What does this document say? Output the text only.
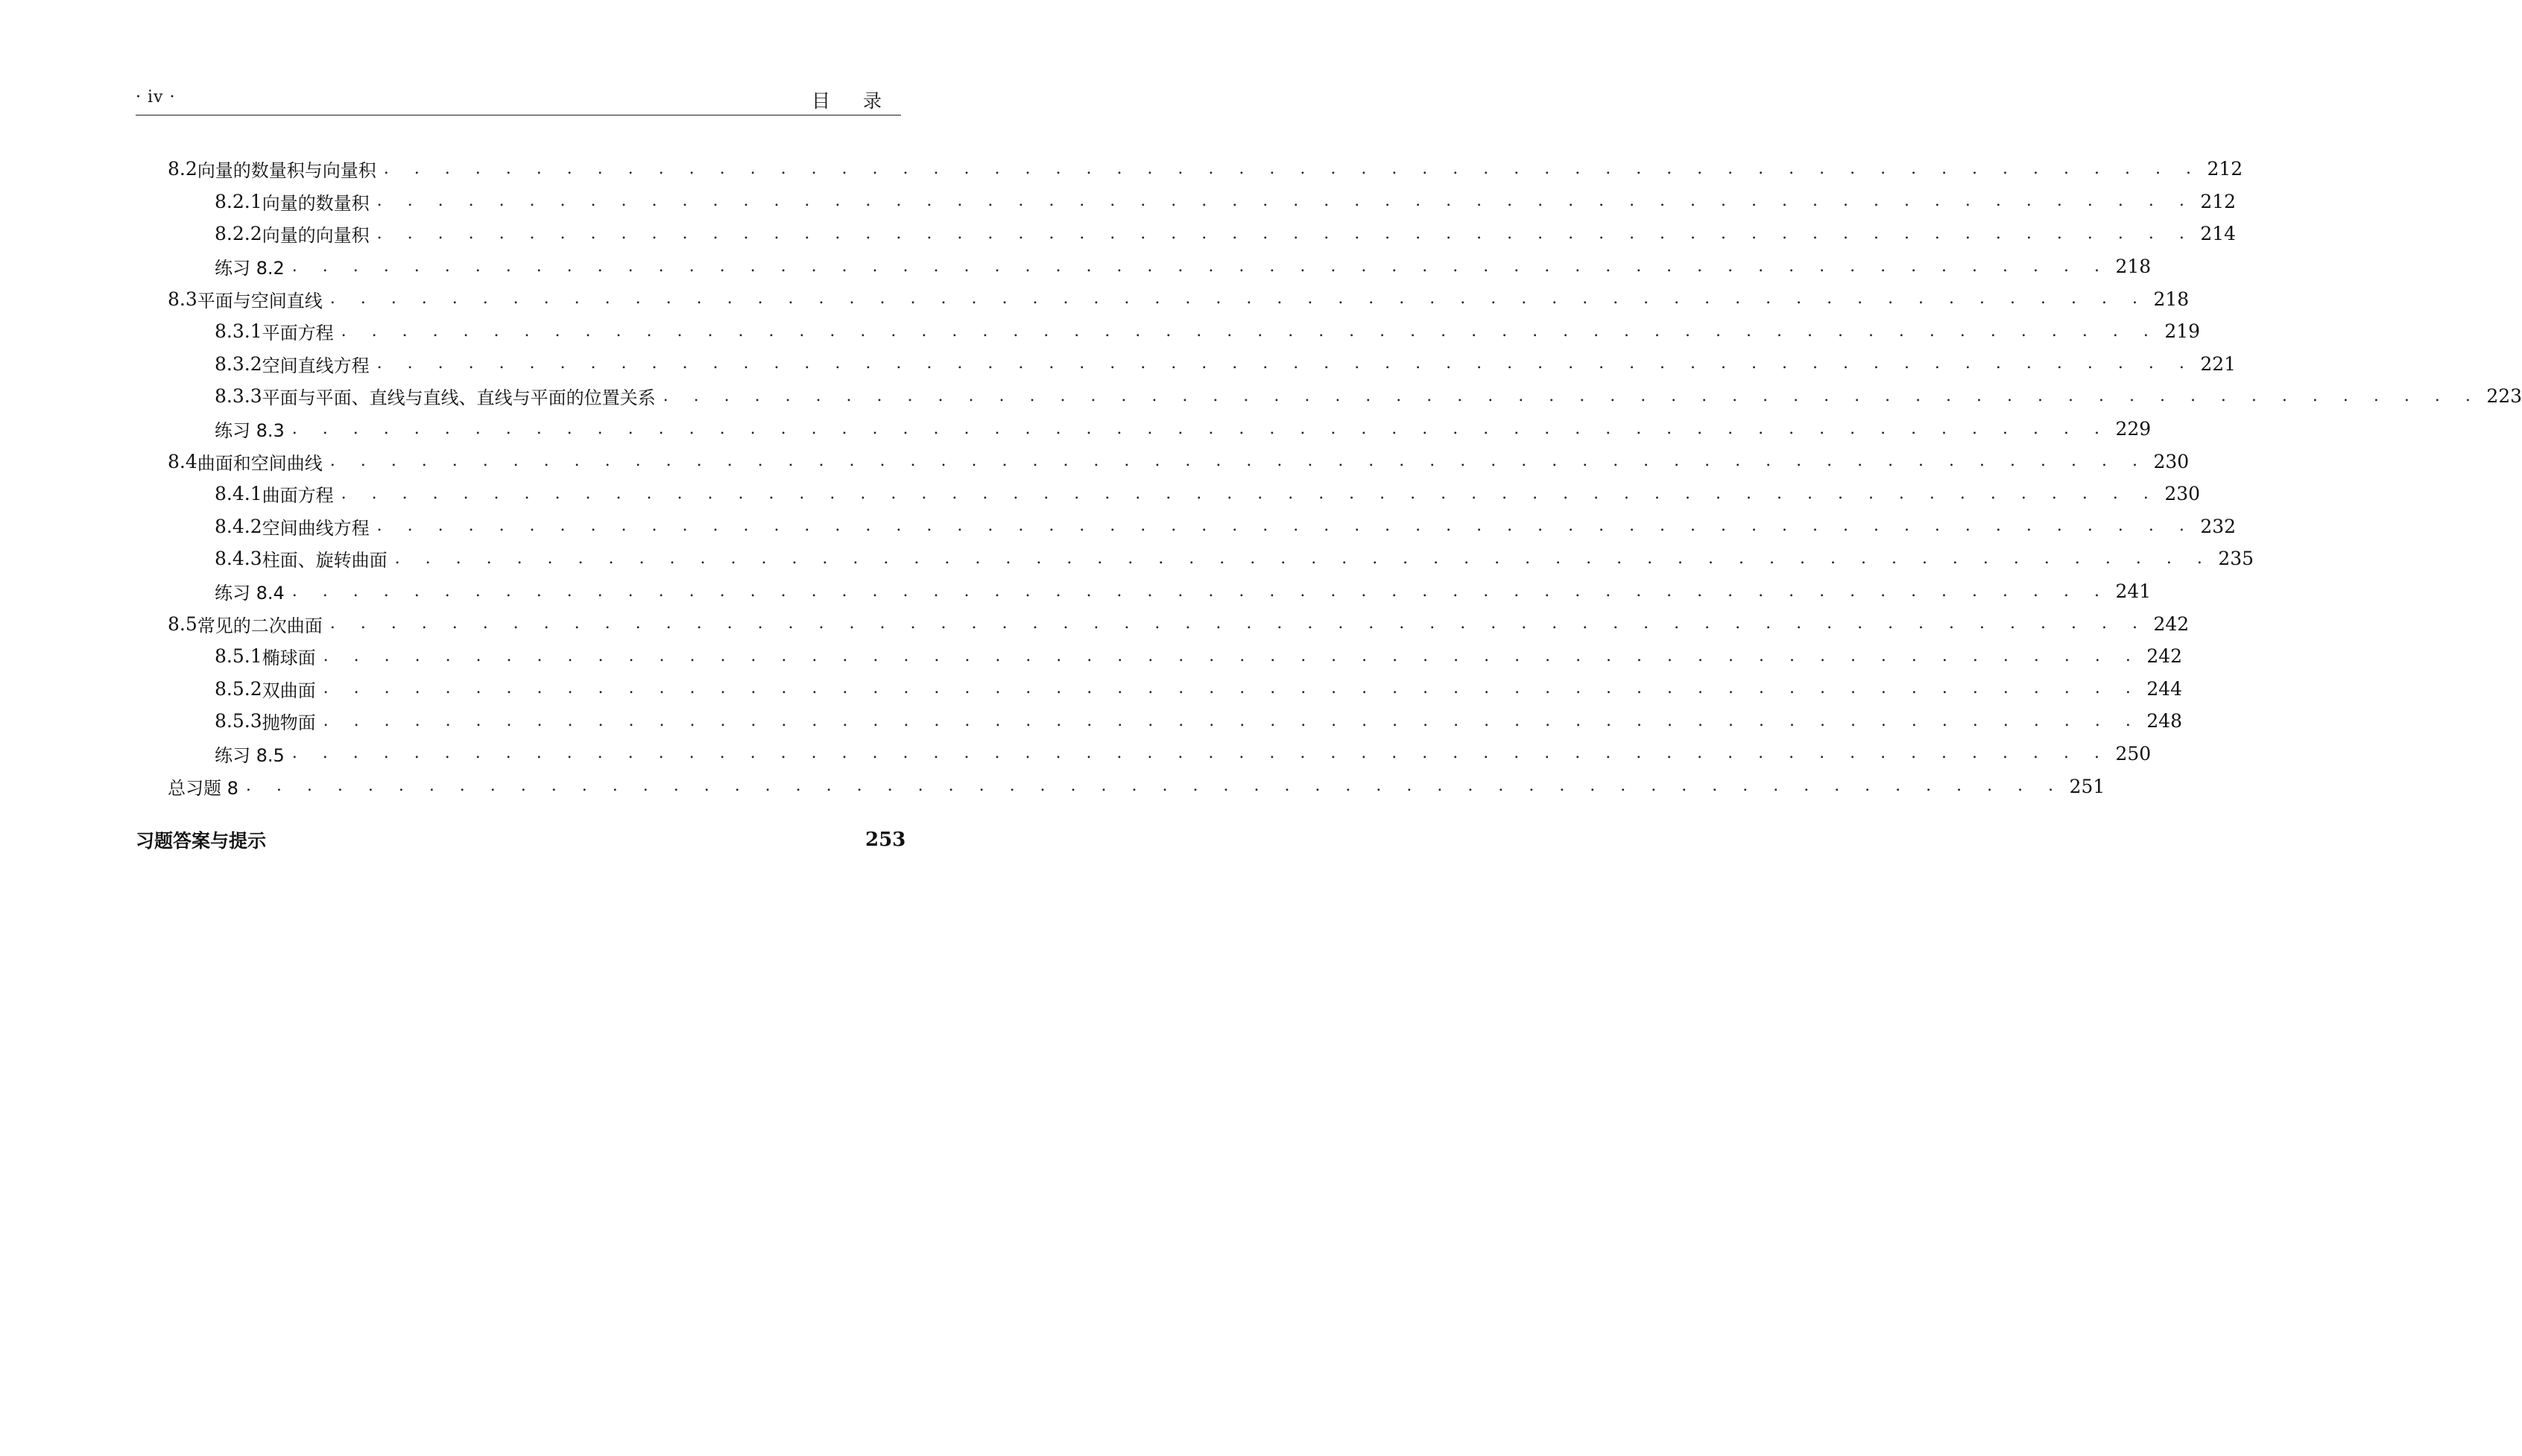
· iv ·	目 录
8.2 向量的数量积与向量积 . . . . . . . . . . . . . . . . . . . . . . . . . . . . . . . . . . . . . . . . . . . . . . . . . . . . . . . . . . . . 212
8.2.1 向量的数量积 . . . . . . . . . . . . . . . . . . . . . . . . . . . . . . . . . . . . . . . . . . . . . . . . . . . . . . . . . . . . 212
8.2.2 向量的向量积 . . . . . . . . . . . . . . . . . . . . . . . . . . . . . . . . . . . . . . . . . . . . . . . . . . . . . . . . . . . . 214
练习 8.2 . . . . . . . . . . . . . . . . . . . . . . . . . . . . . . . . . . . . . . . . . . . . . . . . . . . . . . . . . . . . 218
8.3 平面与空间直线 . . . . . . . . . . . . . . . . . . . . . . . . . . . . . . . . . . . . . . . . . . . . . . . . . . . . . . . . . . . . 218
8.3.1 平面方程 . . . . . . . . . . . . . . . . . . . . . . . . . . . . . . . . . . . . . . . . . . . . . . . . . . . . . . . . . . . . 219
8.3.2 空间直线方程 . . . . . . . . . . . . . . . . . . . . . . . . . . . . . . . . . . . . . . . . . . . . . . . . . . . . . . . . . . . . 221
8.3.3 平面与平面、直线与直线、直线与平面的位置关系 . . . . . . . . . . . . . . . . . . . . . . . . . . . . . . . . . . . . . . . . . . . . . . . . . . . . . . . . . . . . 223
练习 8.3 . . . . . . . . . . . . . . . . . . . . . . . . . . . . . . . . . . . . . . . . . . . . . . . . . . . . . . . . . . . . 229
8.4 曲面和空间曲线 . . . . . . . . . . . . . . . . . . . . . . . . . . . . . . . . . . . . . . . . . . . . . . . . . . . . . . . . . . . . 230
8.4.1 曲面方程 . . . . . . . . . . . . . . . . . . . . . . . . . . . . . . . . . . . . . . . . . . . . . . . . . . . . . . . . . . . . 230
8.4.2 空间曲线方程 . . . . . . . . . . . . . . . . . . . . . . . . . . . . . . . . . . . . . . . . . . . . . . . . . . . . . . . . . . . . 232
8.4.3 柱面、旋转曲面 . . . . . . . . . . . . . . . . . . . . . . . . . . . . . . . . . . . . . . . . . . . . . . . . . . . . . . . . . . . . 235
练习 8.4 . . . . . . . . . . . . . . . . . . . . . . . . . . . . . . . . . . . . . . . . . . . . . . . . . . . . . . . . . . . . 241
8.5 常见的二次曲面 . . . . . . . . . . . . . . . . . . . . . . . . . . . . . . . . . . . . . . . . . . . . . . . . . . . . . . . . . . . . 242
8.5.1 椭球面 . . . . . . . . . . . . . . . . . . . . . . . . . . . . . . . . . . . . . . . . . . . . . . . . . . . . . . . . . . . . 242
8.5.2 双曲面 . . . . . . . . . . . . . . . . . . . . . . . . . . . . . . . . . . . . . . . . . . . . . . . . . . . . . . . . . . . . 244
8.5.3 抛物面 . . . . . . . . . . . . . . . . . . . . . . . . . . . . . . . . . . . . . . . . . . . . . . . . . . . . . . . . . . . . 248
练习 8.5 . . . . . . . . . . . . . . . . . . . . . . . . . . . . . . . . . . . . . . . . . . . . . . . . . . . . . . . . . . . . 250
总习题 8 . . . . . . . . . . . . . . . . . . . . . . . . . . . . . . . . . . . . . . . . . . . . . . . . . . . . . . . . . . . . 251
习题答案与提示	253
